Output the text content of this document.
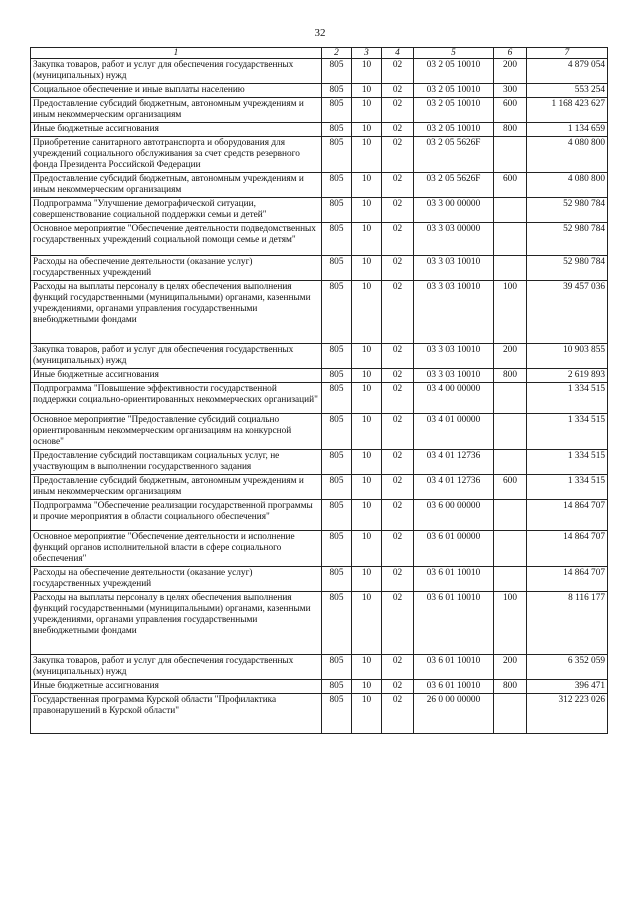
32
1	2	3	4	5	6	7
Закупка товаров, работ и услуг для обеспечения государственных (муниципальных) нужд	805	10	02	03 2 05 10010	200	4 879 054
Социальное обеспечение и иные выплаты населению	805	10	02	03 2 05 10010	300	553 254
Предоставление субсидий бюджетным, автономным учреждениям и иным некоммерческим организациям	805	10	02	03 2 05 10010	600	1 168 423 627
Иные бюджетные ассигнования	805	10	02	03 2 05 10010	800	1 134 659
Приобретение санитарного автотранспорта и оборудования для учреждений социального обслуживания за счет средств резервного фонда Президента Российской Федерации	805	10	02	03 2 05 5626F		4 080 800
Предоставление субсидий бюджетным, автономным учреждениям и иным некоммерческим организациям	805	10	02	03 2 05 5626F	600	4 080 800
Подпрограмма "Улучшение демографической ситуации, совершенствование социальной поддержки семьи и детей"	805	10	02	03 3 00 00000		52 980 784
Основное мероприятие "Обеспечение деятельности подведомственных государственных учреждений социальной помощи семье и детям"	805	10	02	03 3 03 00000		52 980 784
Расходы на обеспечение деятельности (оказание услуг) государственных учреждений	805	10	02	03 3 03 10010		52 980 784
Расходы на выплаты персоналу в целях обеспечения выполнения функций государственными (муниципальными) органами, казенными учреждениями, органами управления государственными внебюджетными фондами	805	10	02	03 3 03 10010	100	39 457 036
Закупка товаров, работ и услуг для обеспечения государственных (муниципальных) нужд	805	10	02	03 3 03 10010	200	10 903 855
Иные бюджетные ассигнования	805	10	02	03 3 03 10010	800	2 619 893
Подпрограмма "Повышение эффективности государственной поддержки социально-ориентированных некоммерческих организаций"	805	10	02	03 4 00 00000		1 334 515
Основное мероприятие "Предоставление субсидий социально ориентированным некоммерческим организациям на конкурсной основе"	805	10	02	03 4 01 00000		1 334 515
Предоставление субсидий поставщикам социальных услуг, не участвующим в выполнении государственного задания	805	10	02	03 4 01 12736		1 334 515
Предоставление субсидий бюджетным, автономным учреждениям и иным некоммерческим организациям	805	10	02	03 4 01 12736	600	1 334 515
Подпрограмма "Обеспечение реализации государственной программы и прочие мероприятия в области социального обеспечения"	805	10	02	03 6 00 00000		14 864 707
Основное мероприятие "Обеспечение деятельности и исполнение функций органов исполнительной власти в сфере социального обеспечения"	805	10	02	03 6 01 00000		14 864 707
Расходы на обеспечение деятельности (оказание услуг) государственных учреждений	805	10	02	03 6 01 10010		14 864 707
Расходы на выплаты персоналу в целях обеспечения выполнения функций государственными (муниципальными) органами, казенными учреждениями, органами управления государственными внебюджетными фондами	805	10	02	03 6 01 10010	100	8 116 177
Закупка товаров, работ и услуг для обеспечения государственных (муниципальных) нужд	805	10	02	03 6 01 10010	200	6 352 059
Иные бюджетные ассигнования	805	10	02	03 6 01 10010	800	396 471
Государственная программа Курской области "Профилактика правонарушений в Курской области"	805	10	02	26 0 00 00000		312 223 026
